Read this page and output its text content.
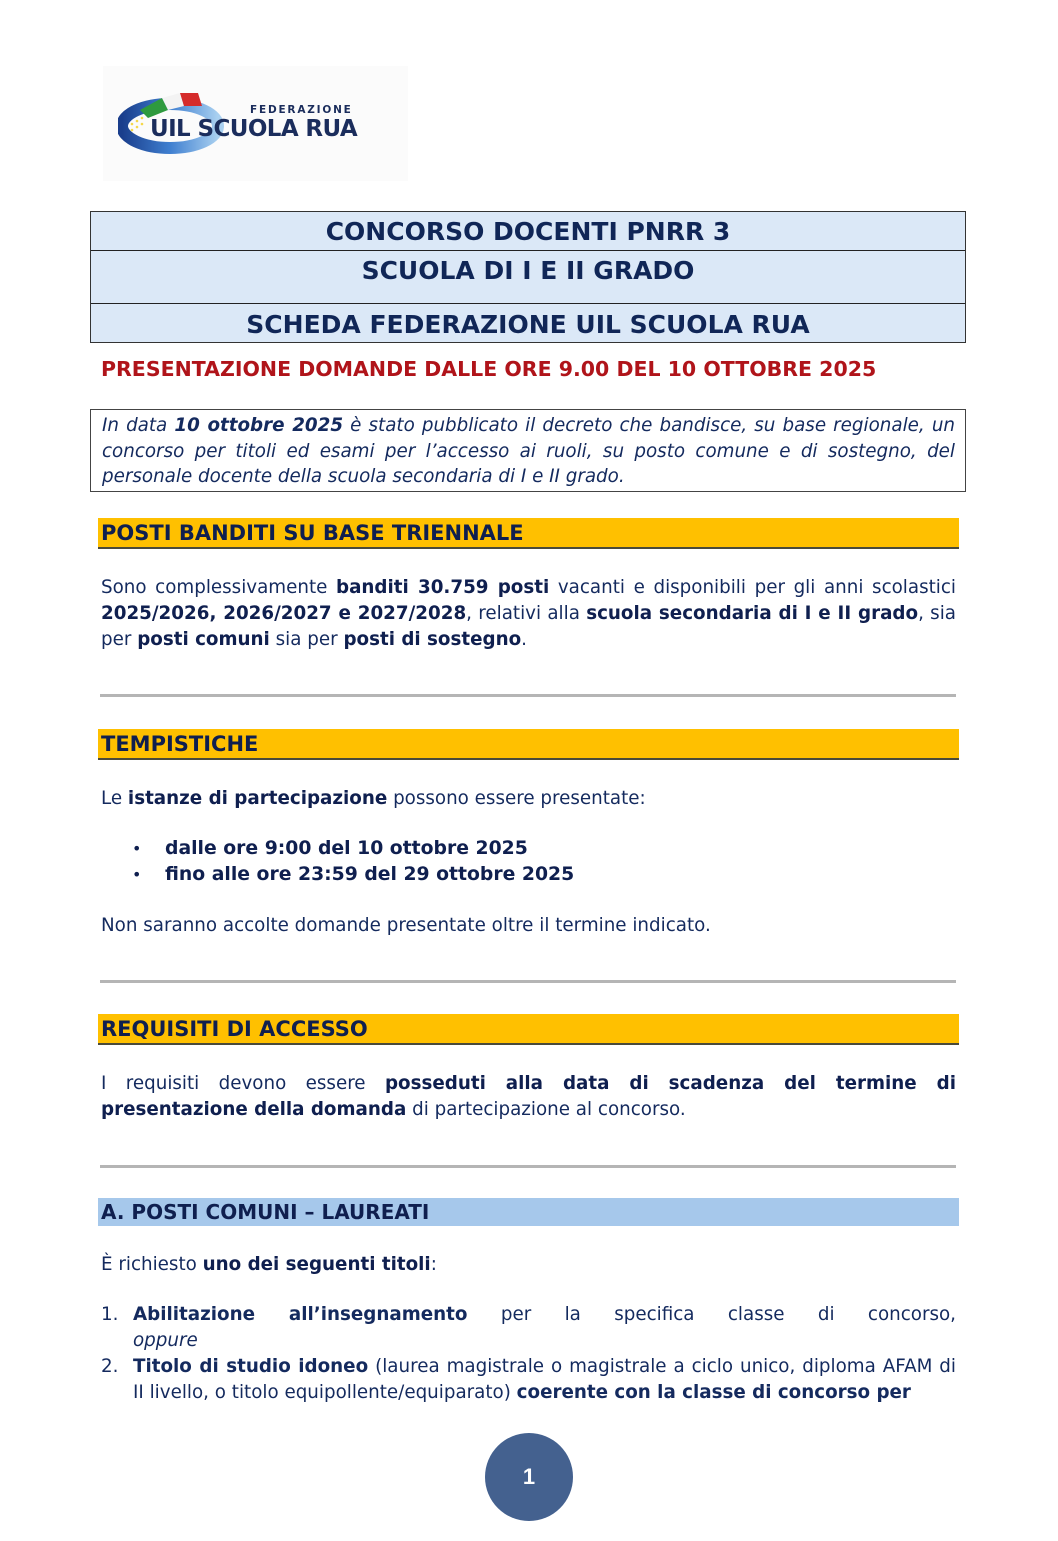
FEDERAZIONE
UIL SCUOLA RUA
CONCORSO DOCENTI PNRR 3
SCUOLA DI I E II GRADO
SCHEDA FEDERAZIONE UIL SCUOLA RUA
PRESENTAZIONE DOMANDE DALLE ORE 9.00 DEL 10 OTTOBRE 2025
In data 10 ottobre 2025 è stato pubblicato il decreto che bandisce, su base regionale, un concorso per titoli ed esami per l’accesso ai ruoli, su posto comune e di sostegno, del personale docente della scuola secondaria di I e II grado.
POSTI BANDITI SU BASE TRIENNALE
Sono complessivamente banditi 30.759 posti vacanti e disponibili per gli anni scolastici 2025/2026, 2026/2027 e 2027/2028, relativi alla scuola secondaria di I e II grado, sia per posti comuni sia per posti di sostegno.
TEMPISTICHE
Le istanze di partecipazione possono essere presentate:
• dalle ore 9:00 del 10 ottobre 2025
• fino alle ore 23:59 del 29 ottobre 2025
Non saranno accolte domande presentate oltre il termine indicato.
REQUISITI DI ACCESSO
I requisiti devono essere posseduti alla data di scadenza del termine di presentazione della domanda di partecipazione al concorso.
A. POSTI COMUNI – LAUREATI
È richiesto uno dei seguenti titoli:
1. Abilitazione all’insegnamento per la specifica classe di concorso,
oppure
2. Titolo di studio idoneo (laurea magistrale o magistrale a ciclo unico, diploma AFAM di II livello, o titolo equipollente/equiparato) coerente con la classe di concorso per
1
